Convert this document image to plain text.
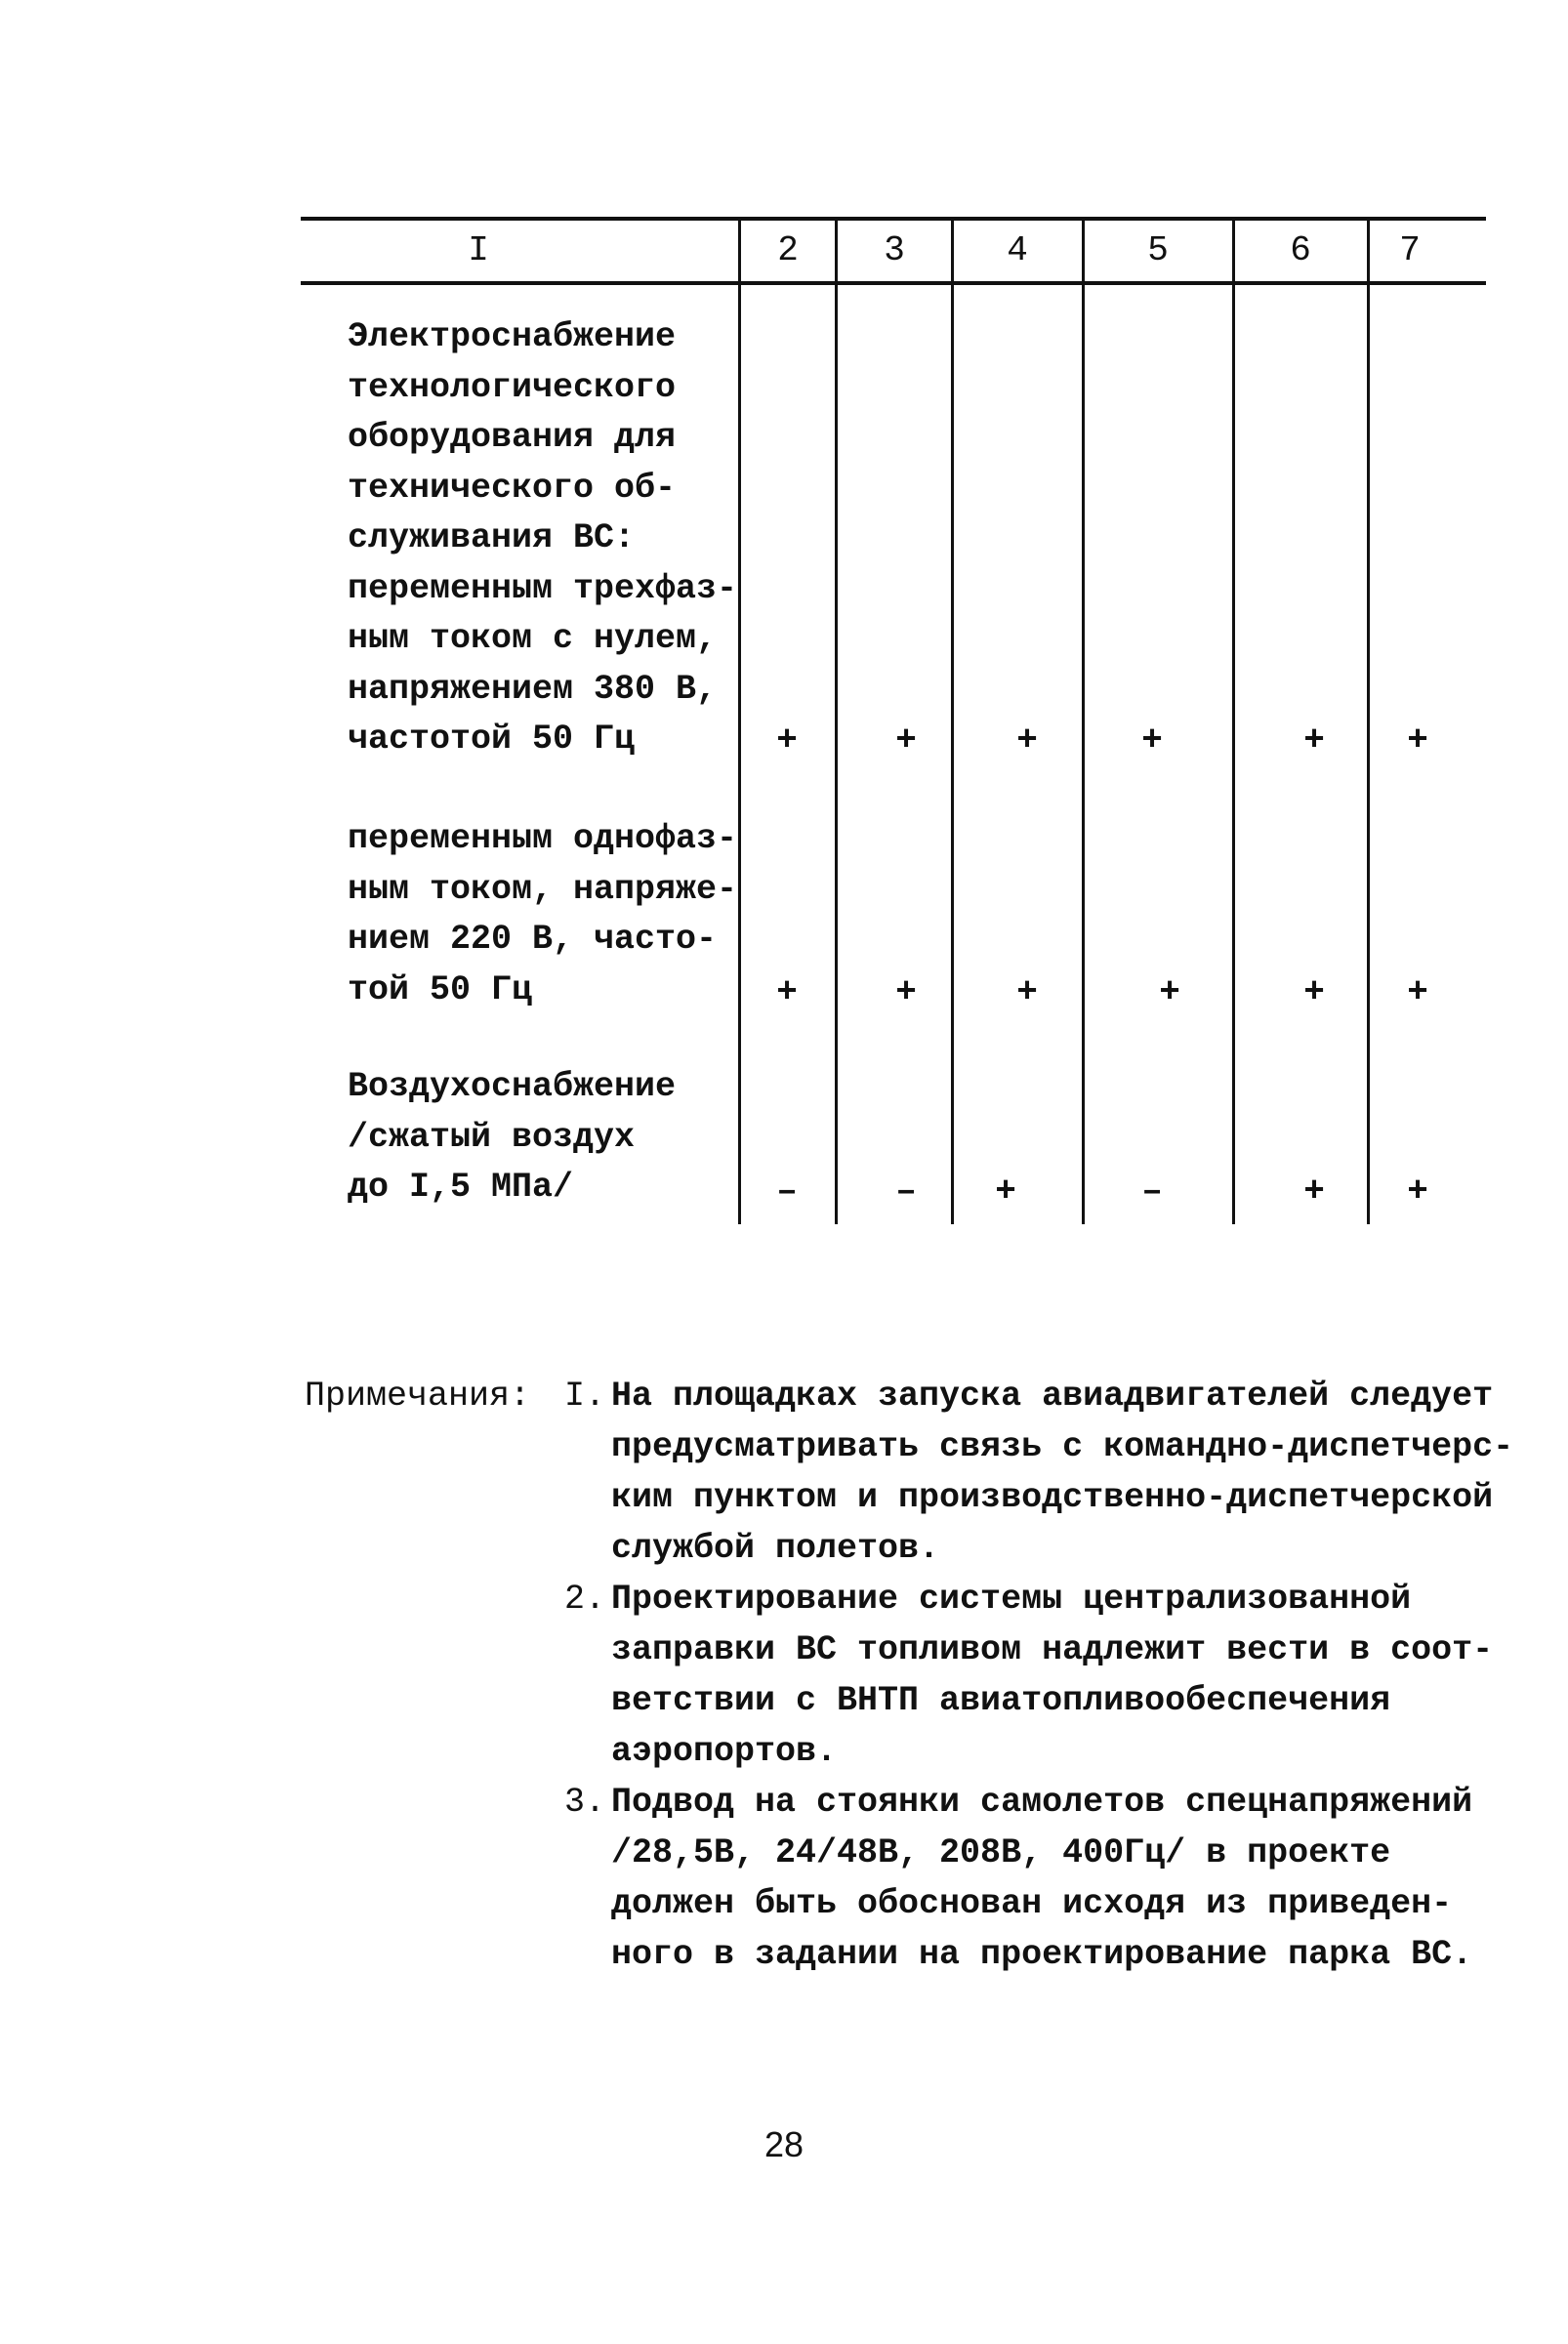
I	2	3	4	5	6	7
Электроснабжение
технологического
оборудования для
технического об-
служивания ВС:
переменным трехфаз-
ным током с нулем,
напряжением 380 В,
частотой 50 Гц	+	+	+	+	+	+
переменным однофаз-
ным током, напряже-
нием 220 В, часто-
той 50 Гц	+	+	+	+	+	+
Воздухоснабжение
/сжатый воздух
до I,5 МПа/	–	–	+	–	+	+
Примечания: I. На площадках запуска авиадвигателей следует
предусматривать связь с командно-диспетчерс-
ким пунктом и производственно-диспетчерской
службой полетов.
2. Проектирование системы централизованной
заправки ВС топливом надлежит вести в соот-
ветствии с ВНТП авиатопливообеспечения
аэропортов.
3. Подвод на стоянки самолетов спецнапряжений
/28,5В, 24/48В, 208В, 400Гц/ в проекте
должен быть обоснован исходя из приведен-
ного в задании на проектирование парка ВС.
28
